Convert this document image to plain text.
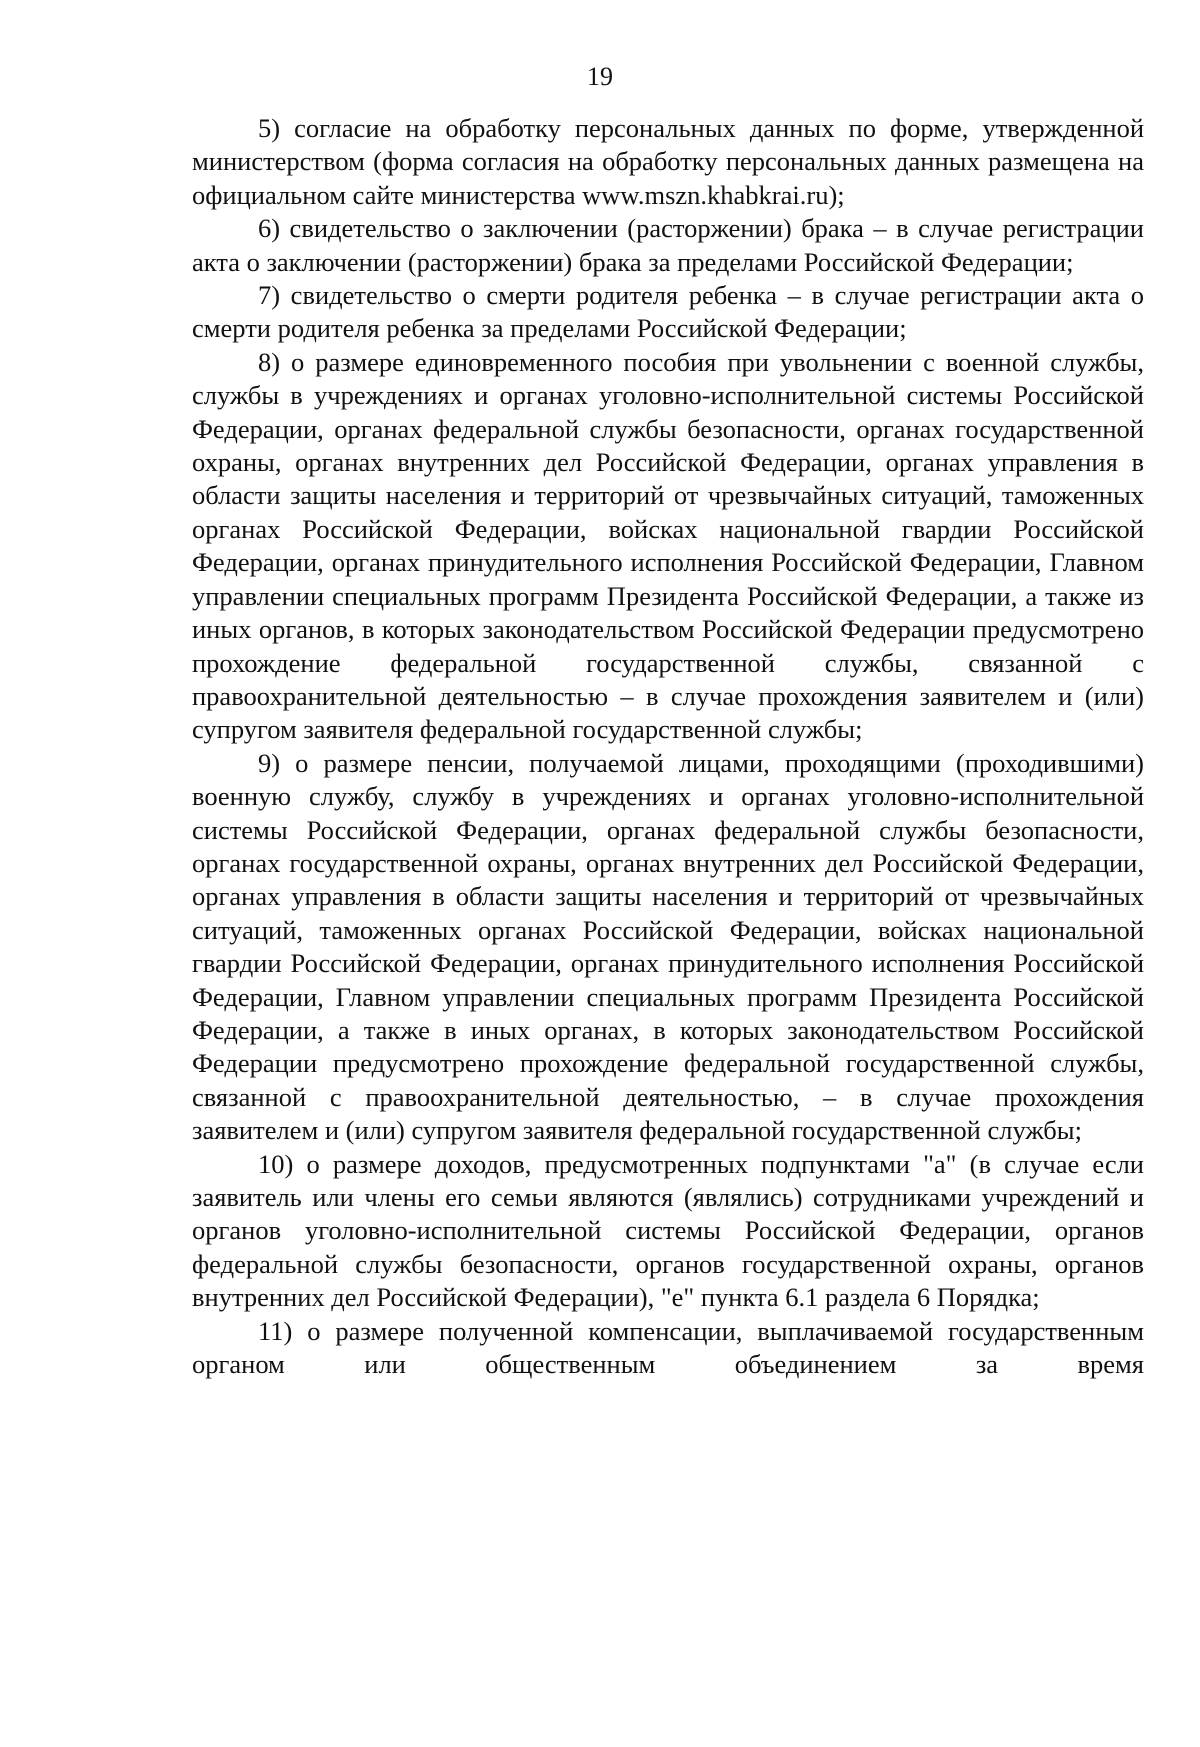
19

5) согласие на обработку персональных данных по форме, утвержденной министерством (форма согласия на обработку персональных данных размещена на официальном сайте министерства www.mszn.khabkrai.ru);

6) свидетельство о заключении (расторжении) брака – в случае регистрации акта о заключении (расторжении) брака за пределами Российской Федерации;

7) свидетельство о смерти родителя ребенка – в случае регистрации акта о смерти родителя ребенка за пределами Российской Федерации;

8) о размере единовременного пособия при увольнении с военной службы, службы в учреждениях и органах уголовно-исполнительной системы Российской Федерации, органах федеральной службы безопасности, органах государственной охраны, органах внутренних дел Российской Федерации, органах управления в области защиты населения и территорий от чрезвычайных ситуаций, таможенных органах Российской Федерации, войсках национальной гвардии Российской Федерации, органах принудительного исполнения Российской Федерации, Главном управлении специальных программ Президента Российской Федерации, а также из иных органов, в которых законодательством Российской Федерации предусмотрено прохождение федеральной государственной службы, связанной с правоохранительной деятельностью – в случае прохождения заявителем и (или) супругом заявителя федеральной государственной службы;

9) о размере пенсии, получаемой лицами, проходящими (проходившими) военную службу, службу в учреждениях и органах уголовно-исполнительной системы Российской Федерации, органах федеральной службы безопасности, органах государственной охраны, органах внутренних дел Российской Федерации, органах управления в области защиты населения и территорий от чрезвычайных ситуаций, таможенных органах Российской Федерации, войсках национальной гвардии Российской Федерации, органах принудительного исполнения Российской Федерации, Главном управлении специальных программ Президента Российской Федерации, а также в иных органах, в которых законодательством Российской Федерации предусмотрено прохождение федеральной государственной службы, связанной с правоохранительной деятельностью, – в случае прохождения заявителем и (или) супругом заявителя федеральной государственной службы;

10) о размере доходов, предусмотренных подпунктами "а" (в случае если заявитель или члены его семьи являются (являлись) сотрудниками учреждений и органов уголовно-исполнительной системы Российской Федерации, органов федеральной службы безопасности, органов государственной охраны, органов внутренних дел Российской Федерации), "е" пункта 6.1 раздела 6 Порядка;

11) о размере полученной компенсации, выплачиваемой государственным органом или общественным объединением за время
